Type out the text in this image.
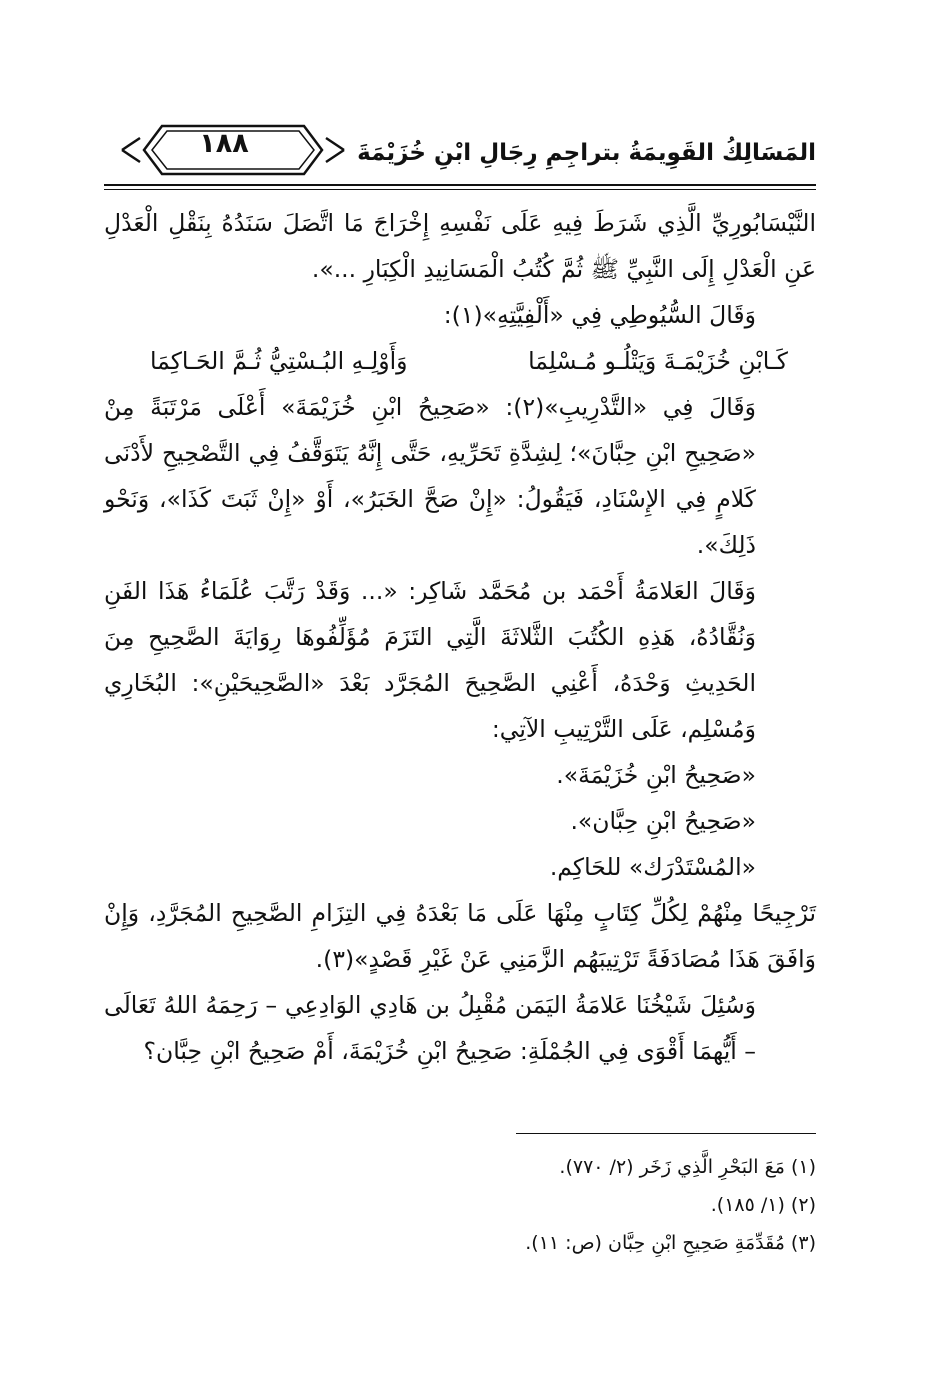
١٨٨	المَسَالِكُ القَوِيمَةُ بتراجِمِ رِجَالِ ابْنِ خُزَيْمَةَ

النَّيْسَابُورِيِّ الَّذِي شَرَطَ فِيهِ عَلَى نَفْسِهِ إِخْرَاجَ مَا اتَّصَلَ سَنَدُهُ بِنَقْلِ الْعَدْلِ عَنِ الْعَدْلِ إِلَى النَّبِيِّ ﷺ ثُمَّ كُتُبُ الْمَسَانِيدِ الْكِبَارِ ...».

وَقَالَ السُّيُوطِي فِي «أَلْفِيَّتِهِ»(١):

كَـابْنِ خُزَيْمَـةَ وَيَتْلُـو مُـسْلِمَا
وَأَوْلِـهِ البُـسْتِيُّ ثُـمَّ الحَـاكِمَا

وَقَالَ فِي «التَّدْرِيبِ»(٢): «صَحِيحُ ابْنِ خُزَيْمَةَ» أَعْلَى مَرْتَبَةً مِنْ «صَحِيحِ ابْنِ حِبَّانَ»؛ لِشِدَّةِ تَحَرِّيهِ، حَتَّى إِنَّهُ يَتَوَقَّفُ فِي التَّصْحِيحِ لأَدْنَى كَلامٍ فِي الإِسْنَادِ، فَيَقُولُ: «إِنْ صَحَّ الخَبَرُ»، أَوْ «إِنْ ثَبَتَ كَذَا»، وَنَحْو ذَلِكَ».

وَقَالَ العَلامَةُ أَحْمَد بن مُحَمَّد شَاكِر: «... وَقَدْ رَتَّبَ عُلَمَاءُ هَذَا الفَنِ وَنُقَّادُهُ، هَذِهِ الكُتُبَ الثَّلاثَةَ الَّتِي التَزَمَ مُؤَلِّفُوهَا رِوَايَةَ الصَّحِيحِ مِنَ الحَدِيثِ وَحْدَهُ، أَعْنِي الصَّحِيحَ المُجَرَّد بَعْدَ «الصَّحِيحَيْنِ»: البُخَارِي وَمُسْلِم، عَلَى التَّرْتِيبِ الآتِي:

«صَحِيحُ ابْنِ خُزَيْمَةَ».
«صَحِيحُ ابْنِ حِبَّان».
«المُسْتَدْرَك» للحَاكِم.

تَرْجِيحًا مِنْهُمْ لِكُلِّ كِتَابٍ مِنْهَا عَلَى مَا بَعْدَهُ فِي التِزَامِ الصَّحِيحِ المُجَرَّدِ، وَإِنْ وَافَقَ هَذَا مُصَادَفَةً تَرْتِيبَهُم الزَّمَنِي عَنْ غَيْرِ قَصْدٍ»(٣).

وَسُئِلَ شَيْخُنَا عَلامَةُ اليَمَن مُقْبِلُ بن هَادِي الوَادِعِي – رَحِمَهُ اللهُ تَعَالَى – أَيُّهمَا أَقْوَى فِي الجُمْلَةِ: صَحِيحُ ابْنِ خُزَيْمَةَ، أَمْ صَحِيحُ ابْنِ حِبَّان؟

(١) مَعَ البَحْرِ الَّذِي زَخَر (٢/ ٧٧٠).
(٢) (١/ ١٨٥).
(٣) مُقَدِّمَةِ صَحِيحِ ابْنِ حِبَّان (ص: ١١).
